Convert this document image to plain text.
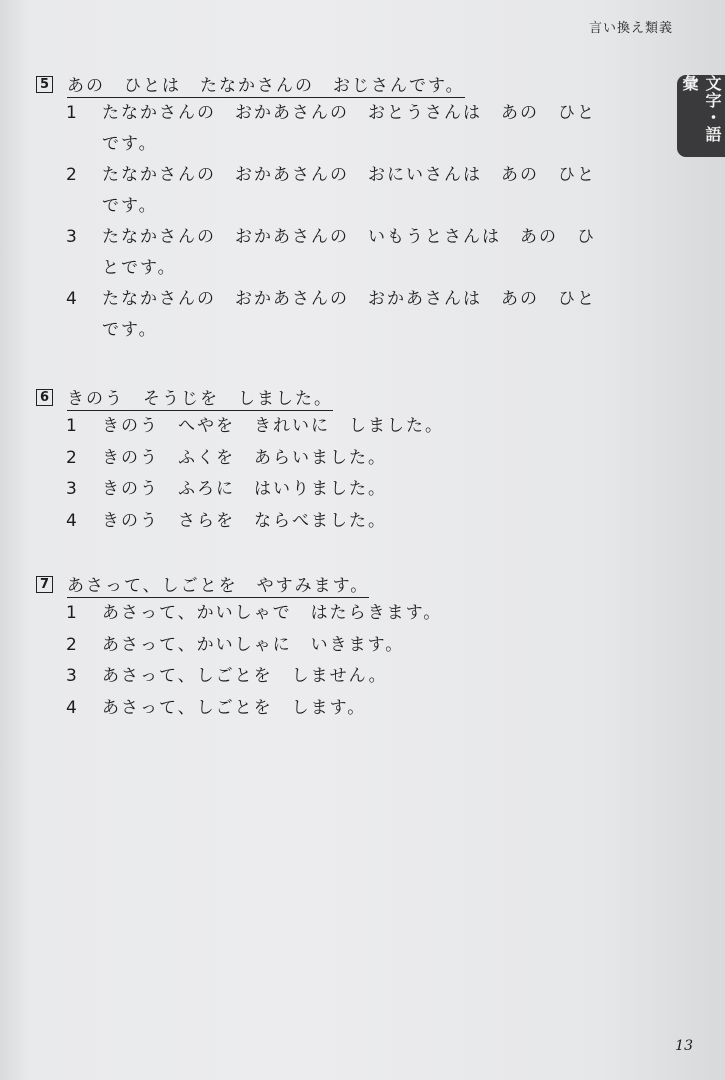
言い換え類義
文字・語彙
5 あの　ひとは　たなかさんの　おじさんです。
1	たなかさんの　おかあさんの　おとうさんは　あの　ひと
です。
2	たなかさんの　おかあさんの　おにいさんは　あの　ひと
です。
3	たなかさんの　おかあさんの　いもうとさんは　あの　ひ
とです。
4	たなかさんの　おかあさんの　おかあさんは　あの　ひと
です。
6 きのう　そうじを　しました。
1	きのう　へやを　きれいに　しました。
2	きのう　ふくを　あらいました。
3	きのう　ふろに　はいりました。
4	きのう　さらを　ならべました。
7 あさって、しごとを　やすみます。
1	あさって、かいしゃで　はたらきます。
2	あさって、かいしゃに　いきます。
3	あさって、しごとを　しません。
4	あさって、しごとを　します。
13
